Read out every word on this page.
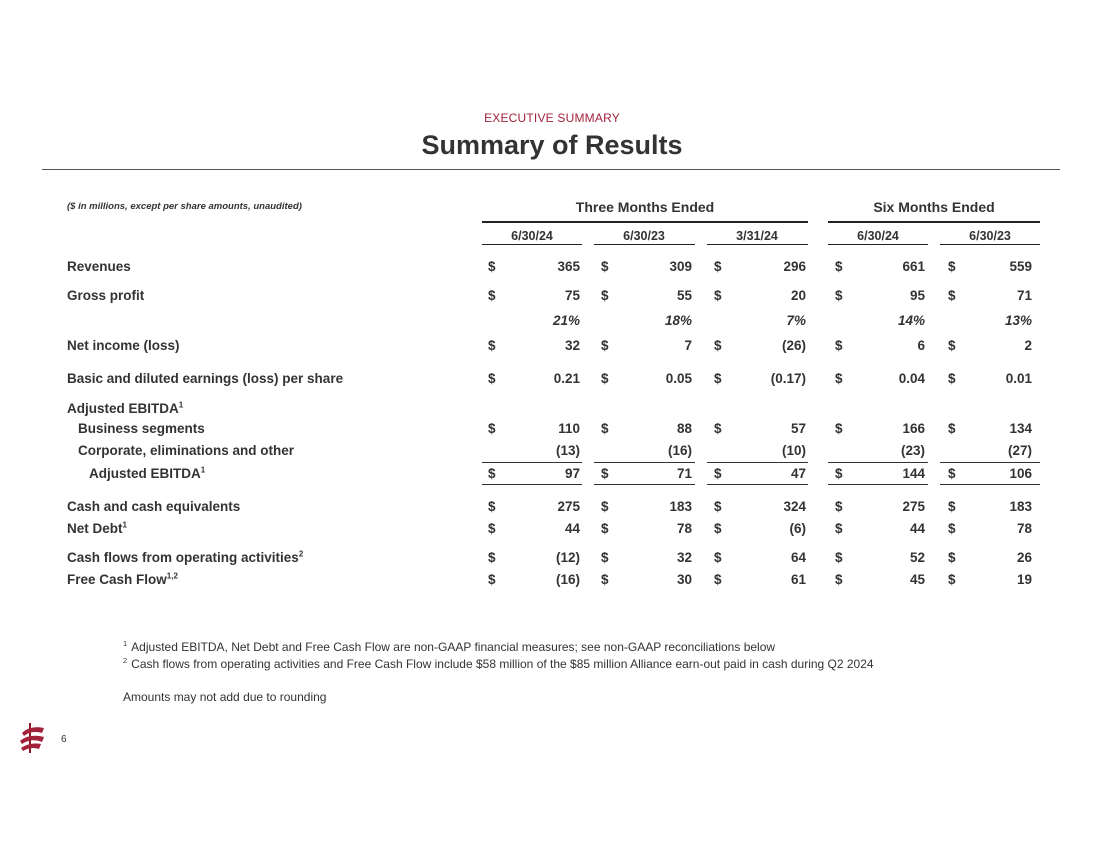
EXECUTIVE SUMMARY
Summary of Results
($ in millions, except per share amounts, unaudited)	Three Months Ended	Six Months Ended
6/30/24	6/30/23	3/31/24	6/30/24	6/30/23
Revenues	$	365 $	309 $	296 $	661 $	559
Gross profit	$	75 $	55 $	20 $	95 $	71
21%	18%	7%	14%	13%
Net income (loss)	$	32 $	7 $	(26) $	6 $	2
Basic and diluted earnings (loss) per share	$	0.21 $	0.05 $	(0.17) $	0.04 $	0.01
Adjusted EBITDA$^1$
Business segments	$	110 $	88 $	57 $	166 $	134
Corporate, eliminations and other	(13)	(16)	(10)	(23)	(27)
Adjusted EBITDA$^1$	$	97 $	71 $	47 $	144 $	106
Cash and cash equivalents	$	275 $	183 $	324 $	275 $	183
Net Debt$^1$	$	44 $	78 $	(6) $	44 $	78
Cash flows from operating activities$^2$	$	(12) $	32 $	64 $	52 $	26
Free Cash Flow$^{1,2}$	$	(16) $	30 $	61 $	45 $	19
$^1$ Adjusted EBITDA, Net Debt and Free Cash Flow are non-GAAP financial measures; see non-GAAP reconciliations below
$^2$ Cash flows from operating activities and Free Cash Flow include $58 million of the $85 million Alliance earn-out paid in cash during Q2 2024
Amounts may not add due to rounding
6
